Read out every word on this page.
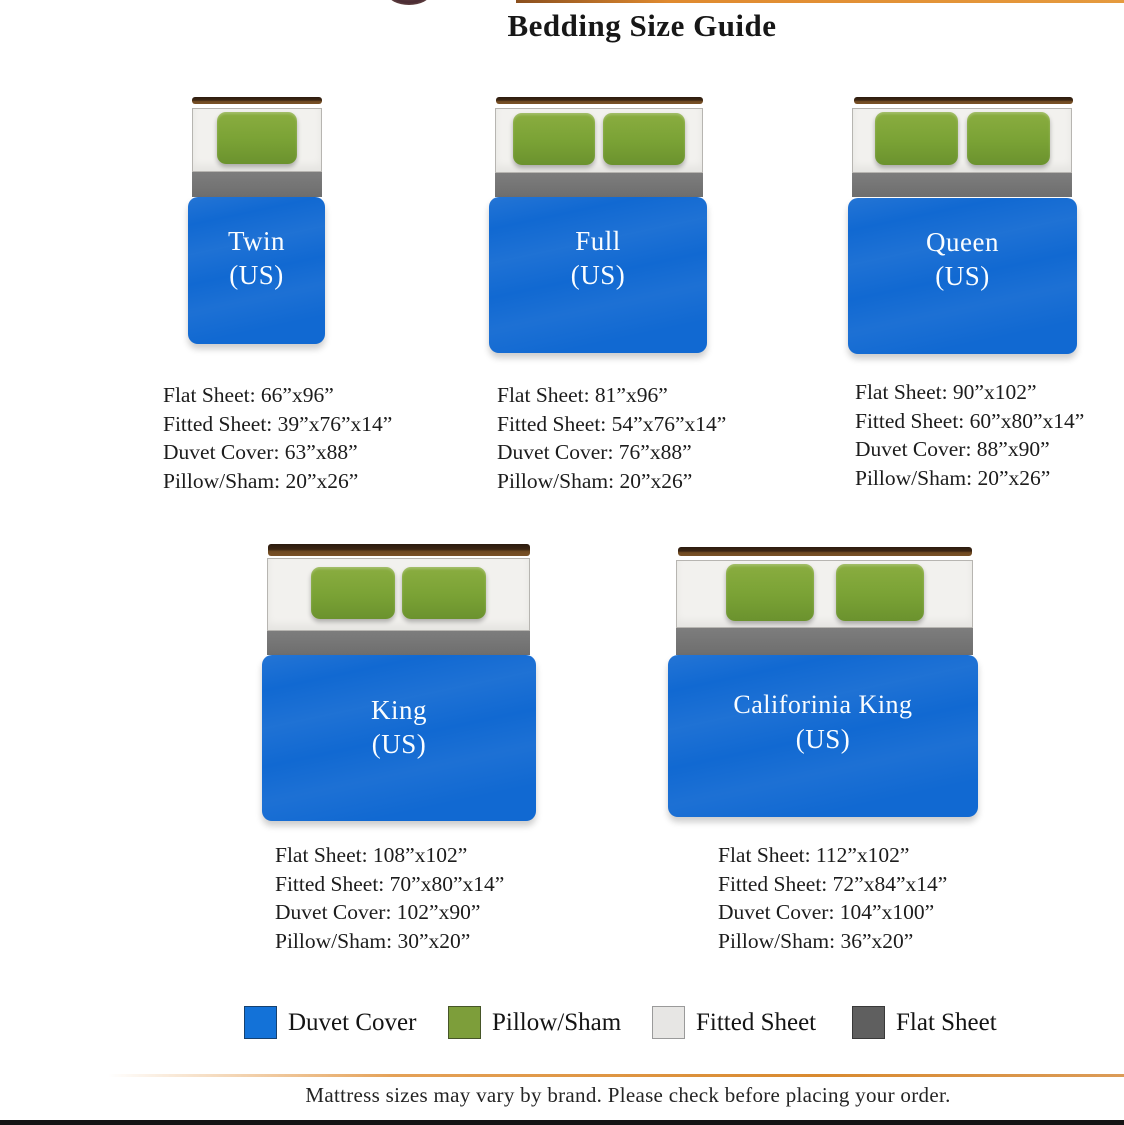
Bedding Size Guide
Twin
(US)
Full
(US)
Queen
(US)
King
(US)
Califorinia King
(US)
Flat Sheet: 66”x96”
Fitted Sheet: 39”x76”x14”
Duvet Cover: 63”x88”
Pillow/Sham: 20”x26”
Flat Sheet: 81”x96”
Fitted Sheet: 54”x76”x14”
Duvet Cover: 76”x88”
Pillow/Sham: 20”x26”
Flat Sheet: 90”x102”
Fitted Sheet: 60”x80”x14”
Duvet Cover: 88”x90”
Pillow/Sham: 20”x26”
Flat Sheet: 108”x102”
Fitted Sheet: 70”x80”x14”
Duvet Cover: 102”x90”
Pillow/Sham: 30”x20”
Flat Sheet: 112”x102”
Fitted Sheet: 72”x84”x14”
Duvet Cover: 104”x100”
Pillow/Sham: 36”x20”
Duvet Cover	Pillow/Sham	Fitted Sheet	Flat Sheet
Mattress sizes may vary by brand. Please check before placing your order.
